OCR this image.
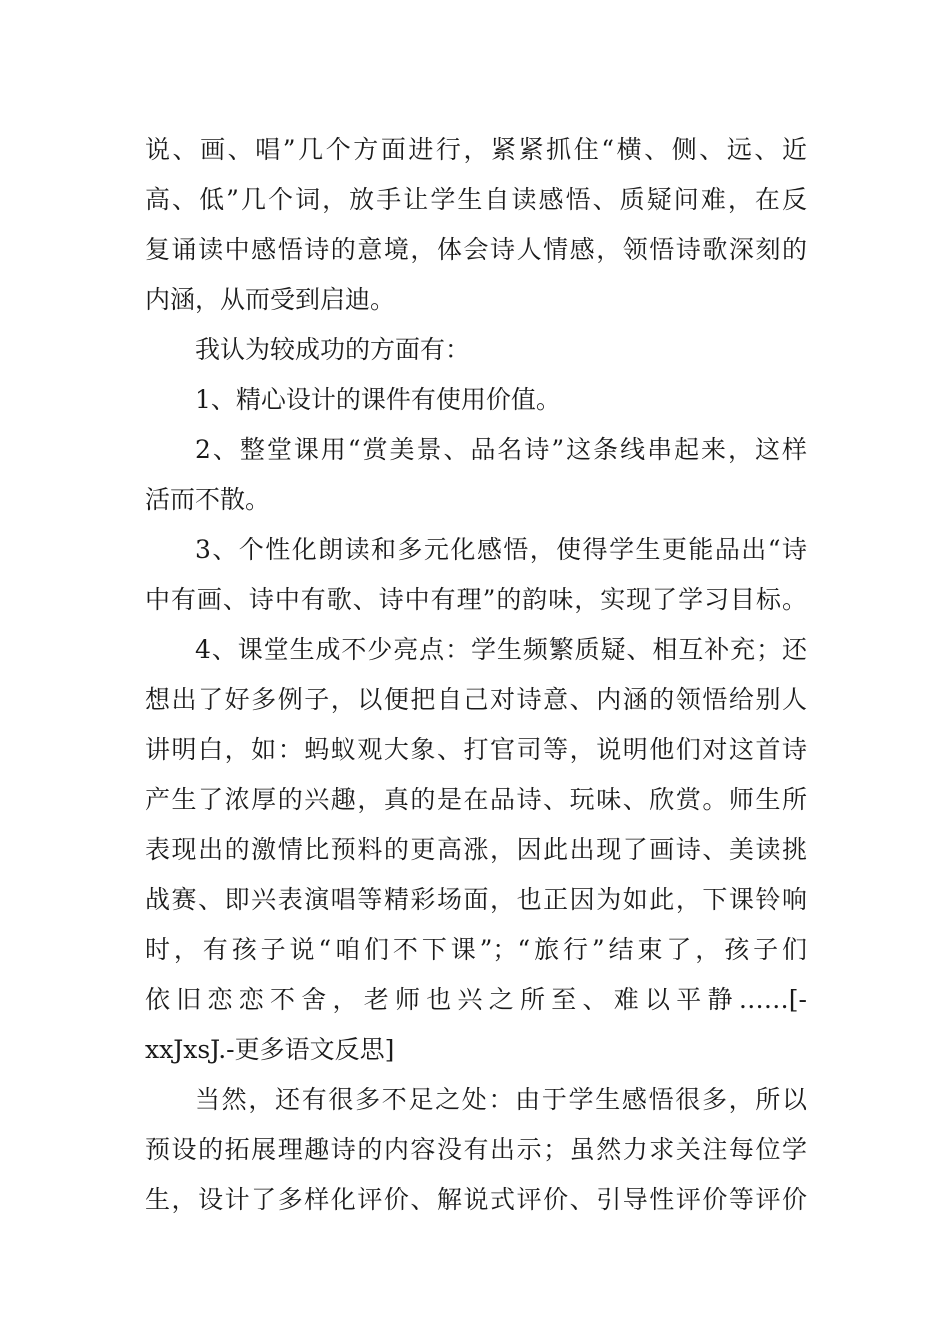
说、画、唱”几个方面进行，紧紧抓住“横、侧、远、近
高、低”几个词，放手让学生自读感悟、质疑问难，在反
复诵读中感悟诗的意境，体会诗人情感，领悟诗歌深刻的
内涵，从而受到启迪。
我认为较成功的方面有：
1、精心设计的课件有使用价值。
2、整堂课用“赏美景、品名诗”这条线串起来，这样
活而不散。
3、个性化朗读和多元化感悟，使得学生更能品出“诗
中有画、诗中有歌、诗中有理”的韵味，实现了学习目标。
4、课堂生成不少亮点：学生频繁质疑、相互补充；还
想出了好多例子，以便把自己对诗意、内涵的领悟给别人
讲明白，如：蚂蚁观大象、打官司等，说明他们对这首诗
产生了浓厚的兴趣，真的是在品诗、玩味、欣赏。师生所
表现出的激情比预料的更高涨，因此出现了画诗、美读挑
战赛、即兴表演唱等精彩场面，也正因为如此，下课铃响
时，有孩子说“咱们不下课”；“旅行”结束了，孩子们
依旧恋恋不舍，老师也兴之所至、难以平静……[-
xxJxsJ.-更多语文反思]
当然，还有很多不足之处：由于学生感悟很多，所以
预设的拓展理趣诗的内容没有出示；虽然力求关注每位学
生，设计了多样化评价、解说式评价、引导性评价等评价
